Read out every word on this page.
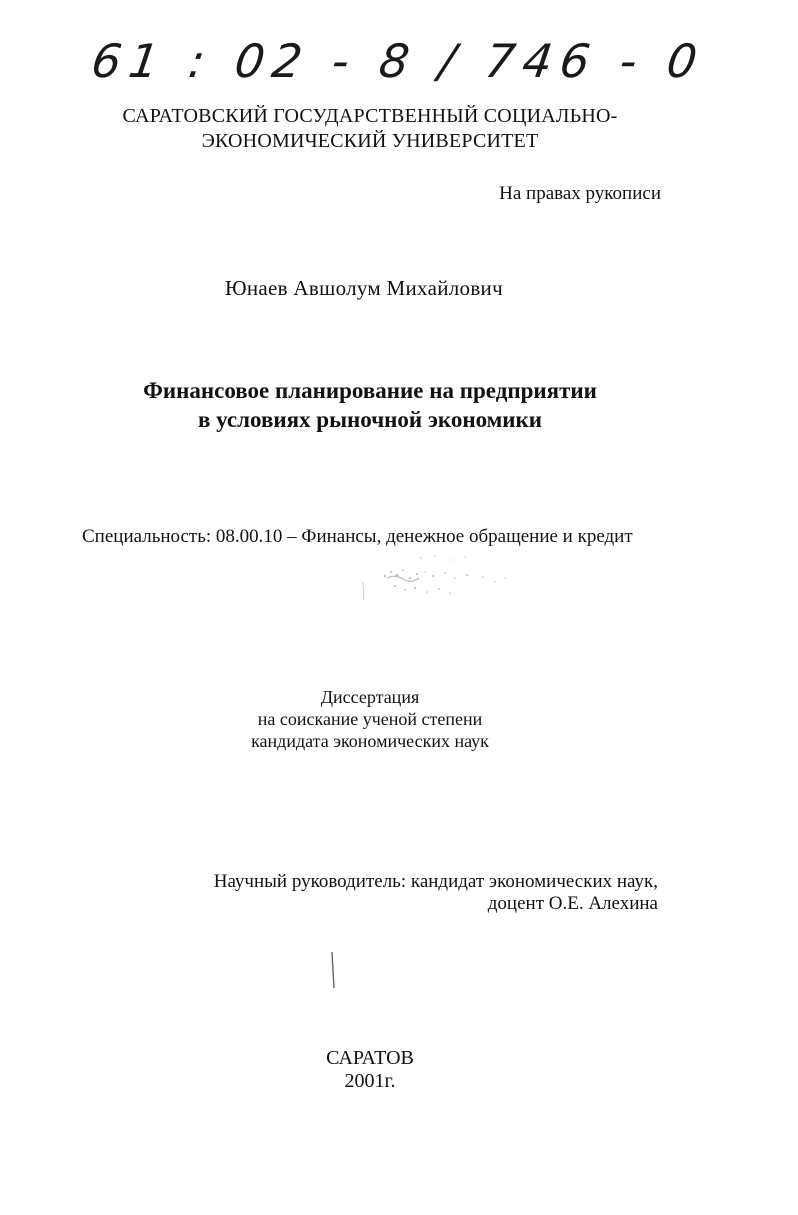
61 : 02 - 8 / 746 - 0
САРАТОВСКИЙ ГОСУДАРСТВЕННЫЙ СОЦИАЛЬНО-
ЭКОНОМИЧЕСКИЙ УНИВЕРСИТЕТ
На правах рукописи
Юнаев Авшолум Михайлович
Финансовое планирование на предприятии
в условиях рыночной экономики
Специальность: 08.00.10 – Финансы, денежное обращение и кредит
Диссертация
на соискание ученой степени
кандидата экономических наук
Научный руководитель: кандидат экономических наук,
доцент О.Е. Алехина
САРАТОВ
2001г.
